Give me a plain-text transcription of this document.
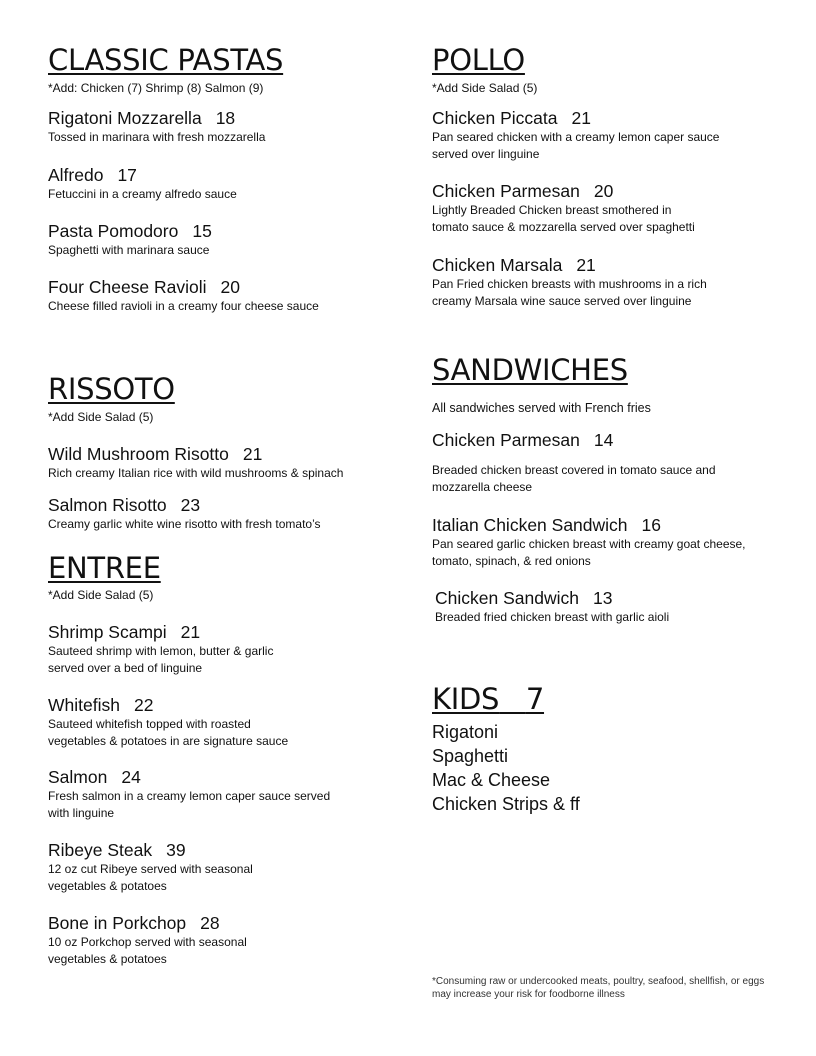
CLASSIC PASTAS

*Add: Chicken (7) Shrimp (8) Salmon (9)

Rigatoni Mozzarella 18
Tossed in marinara with fresh mozzarella
Alfredo 17
Fetuccini in a creamy alfredo sauce
Pasta Pomodoro 15
Spaghetti with marinara sauce
Four Cheese Ravioli 20
Cheese filled ravioli in a creamy four cheese sauce
RISSOTO

*Add Side Salad (5)

Wild Mushroom Risotto 21
Rich creamy Italian rice with wild mushrooms & spinach
Salmon Risotto 23
Creamy garlic white wine risotto with fresh tomato’s
ENTREE

*Add Side Salad (5)

Shrimp Scampi 21
Sauteed shrimp with lemon, butter & garlic
served over a bed of linguine
Whitefish 22
Sauteed whitefish topped with roasted
vegetables & potatoes in are signature sauce
Salmon 24
Fresh salmon in a creamy lemon caper sauce served
with linguine
Ribeye Steak 39
12 oz cut Ribeye served with seasonal
vegetables & potatoes
Bone in Porkchop 28
10 oz Porkchop served with seasonal
vegetables & potatoes
POLLO

*Add Side Salad (5)

Chicken Piccata 21
Pan seared chicken with a creamy lemon caper sauce
served over linguine
Chicken Parmesan 20
Lightly Breaded Chicken breast smothered in
tomato sauce & mozzarella served over spaghetti
Chicken Marsala 21
Pan Fried chicken breasts with mushrooms in a rich
creamy Marsala wine sauce served over linguine
SANDWICHES

All sandwiches served with French fries

Chicken Parmesan 14
Breaded chicken breast covered in tomato sauce and
mozzarella cheese
Italian Chicken Sandwich 16
Pan seared garlic chicken breast with creamy goat cheese,
tomato, spinach, & red onions
Chicken Sandwich 13
Breaded fried chicken breast with garlic aioli
KIDS 7
Rigatoni
Spaghetti
Mac & Cheese
Chicken Strips & ff
*Consuming raw or undercooked meats, poultry, seafood, shellfish, or eggs
may increase your risk for foodborne illness
